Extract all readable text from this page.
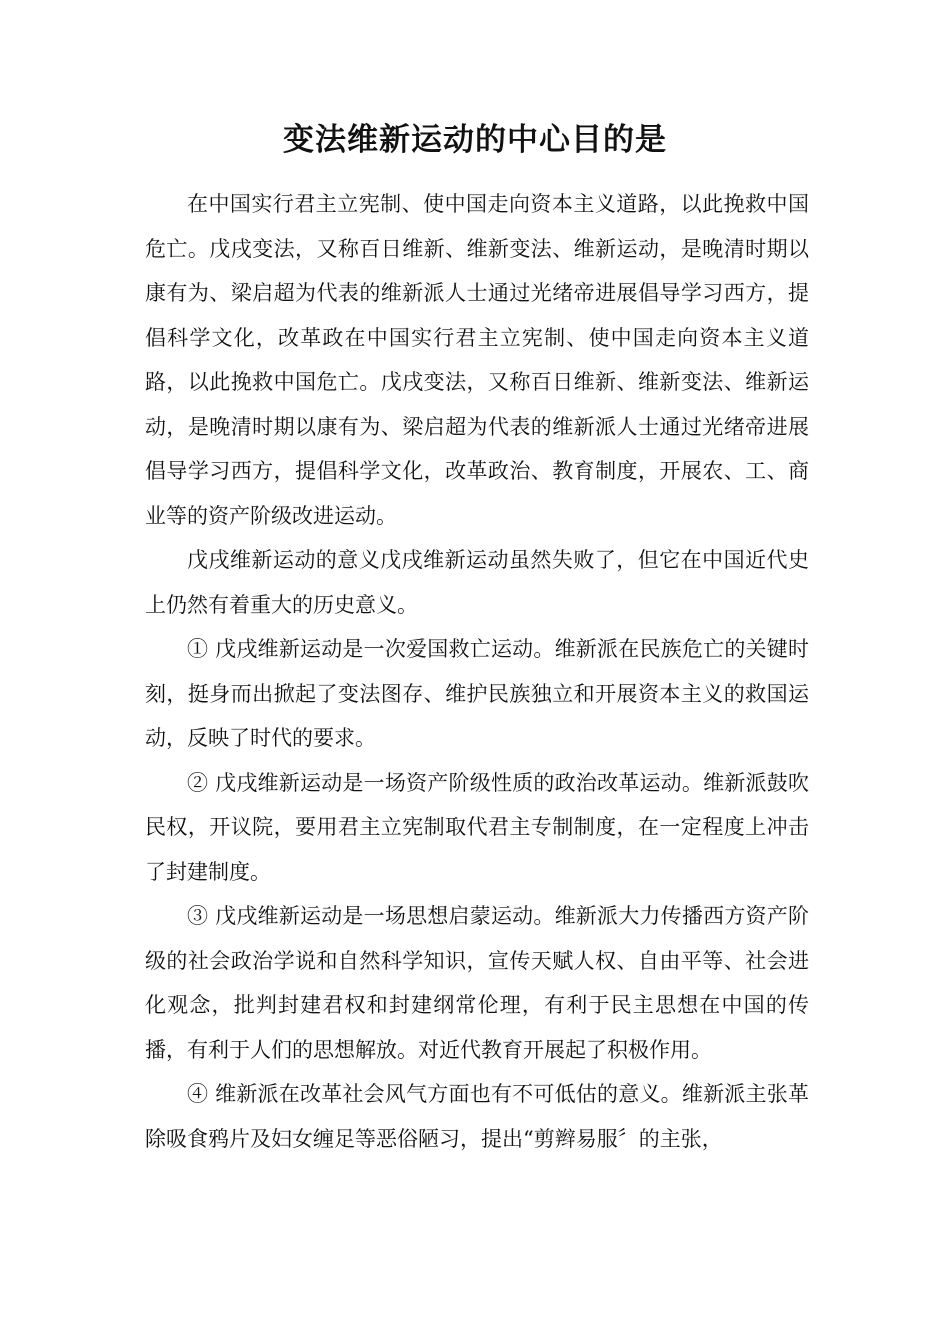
变法维新运动的中心目的是

在中国实行君主立宪制、使中国走向资本主义道路，以此挽救中国危亡。戊戌变法，又称百日维新、维新变法、维新运动，是晚清时期以康有为、梁启超为代表的维新派人士通过光绪帝进展倡导学习西方，提倡科学文化，改革政在中国实行君主立宪制、使中国走向资本主义道路，以此挽救中国危亡。戊戌变法，又称百日维新、维新变法、维新运动，是晚清时期以康有为、梁启超为代表的维新派人士通过光绪帝进展倡导学习西方，提倡科学文化，改革政治、教育制度，开展农、工、商业等的资产阶级改进运动。

戊戌维新运动的意义戊戌维新运动虽然失败了，但它在中国近代史上仍然有着重大的历史意义。

① 戊戌维新运动是一次爱国救亡运动。维新派在民族危亡的关键时刻，挺身而出掀起了变法图存、维护民族独立和开展资本主义的救国运动，反映了时代的要求。

② 戊戌维新运动是一场资产阶级性质的政治改革运动。维新派鼓吹民权，开议院，要用君主立宪制取代君主专制制度，在一定程度上冲击了封建制度。

③ 戊戌维新运动是一场思想启蒙运动。维新派大力传播西方资产阶级的社会政治学说和自然科学知识，宣传天赋人权、自由平等、社会进化观念，批判封建君权和封建纲常伦理，有利于民主思想在中国的传播，有利于人们的思想解放。对近代教育开展起了积极作用。

④ 维新派在改革社会风气方面也有不可低估的意义。维新派主张革除吸食鸦片及妇女缠足等恶俗陋习，提出“剪辫易服〞的主张，
